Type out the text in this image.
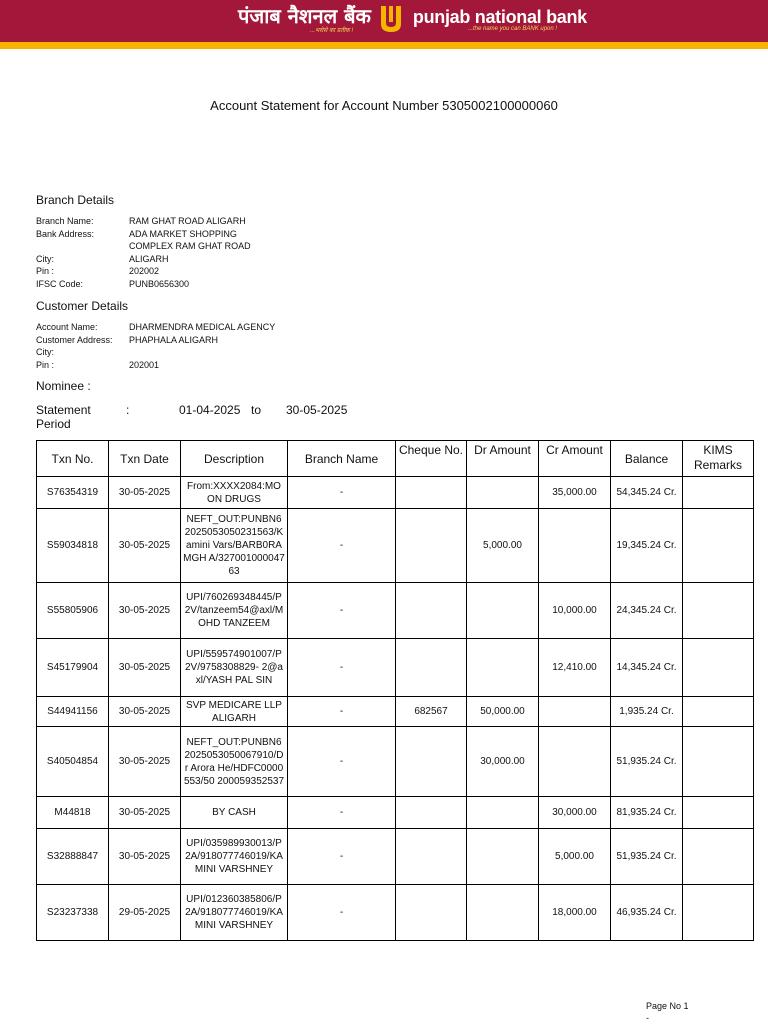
पंजाब नैशनल बैंक punjab national bank
...भरोसे का प्रतीक !	...the name you can BANK upon !
Account Statement for Account Number 5305002100000060
Branch Details
Branch Name:	RAM GHAT ROAD ALIGARH
Bank Address:	ADA MARKET SHOPPING
COMPLEX RAM GHAT ROAD
City:	ALIGARH
Pin :	202002
IFSC Code:	PUNB0656300
Customer Details
Account Name:	DHARMENDRA MEDICAL AGENCY
Customer Address:	PHAPHALA ALIGARH
City:
Pin :	202001
Nominee :
Statement Period
:	01-04-2025 to	30-05-2025
Txn No.	Txn Date	Description	Branch Name	Cheque No.	Dr Amount	Cr Amount	Balance	KIMS Remarks
S76354319	30-05-2025	From:XXXX2084:MO ON DRUGS	-			35,000.00	54,345.24 Cr.	
S59034818	30-05-2025	NEFT_OUT:PUNBN6 2025053050231563/K amini Vars/BARB0RAMGH A/32700100004763	-		5,000.00		19,345.24 Cr.	
S55805906	30-05-2025	UPI/760269348445/P 2V/tanzeem54@axl/M OHD TANZEEM	-			10,000.00	24,345.24 Cr.	
S45179904	30-05-2025	UPI/559574901007/P 2V/9758308829- 2@axl/YASH PAL SIN	-			12,410.00	14,345.24 Cr.	
S44941156	30-05-2025	SVP MEDICARE LLP ALIGARH	-	682567	50,000.00		1,935.24 Cr.	
S40504854	30-05-2025	NEFT_OUT:PUNBN6 2025053050067910/D r Arora He/HDFC0000553/50 200059352537	-		30,000.00		51,935.24 Cr.	
M44818	30-05-2025	BY CASH	-			30,000.00	81,935.24 Cr.	
S32888847	30-05-2025	UPI/035989930013/P 2A/918077746019/KA MINI VARSHNEY	-			5,000.00	51,935.24 Cr.	
S23237338	29-05-2025	UPI/012360385806/P 2A/918077746019/KA MINI VARSHNEY	-			18,000.00	46,935.24 Cr.	
Page No 1
-
